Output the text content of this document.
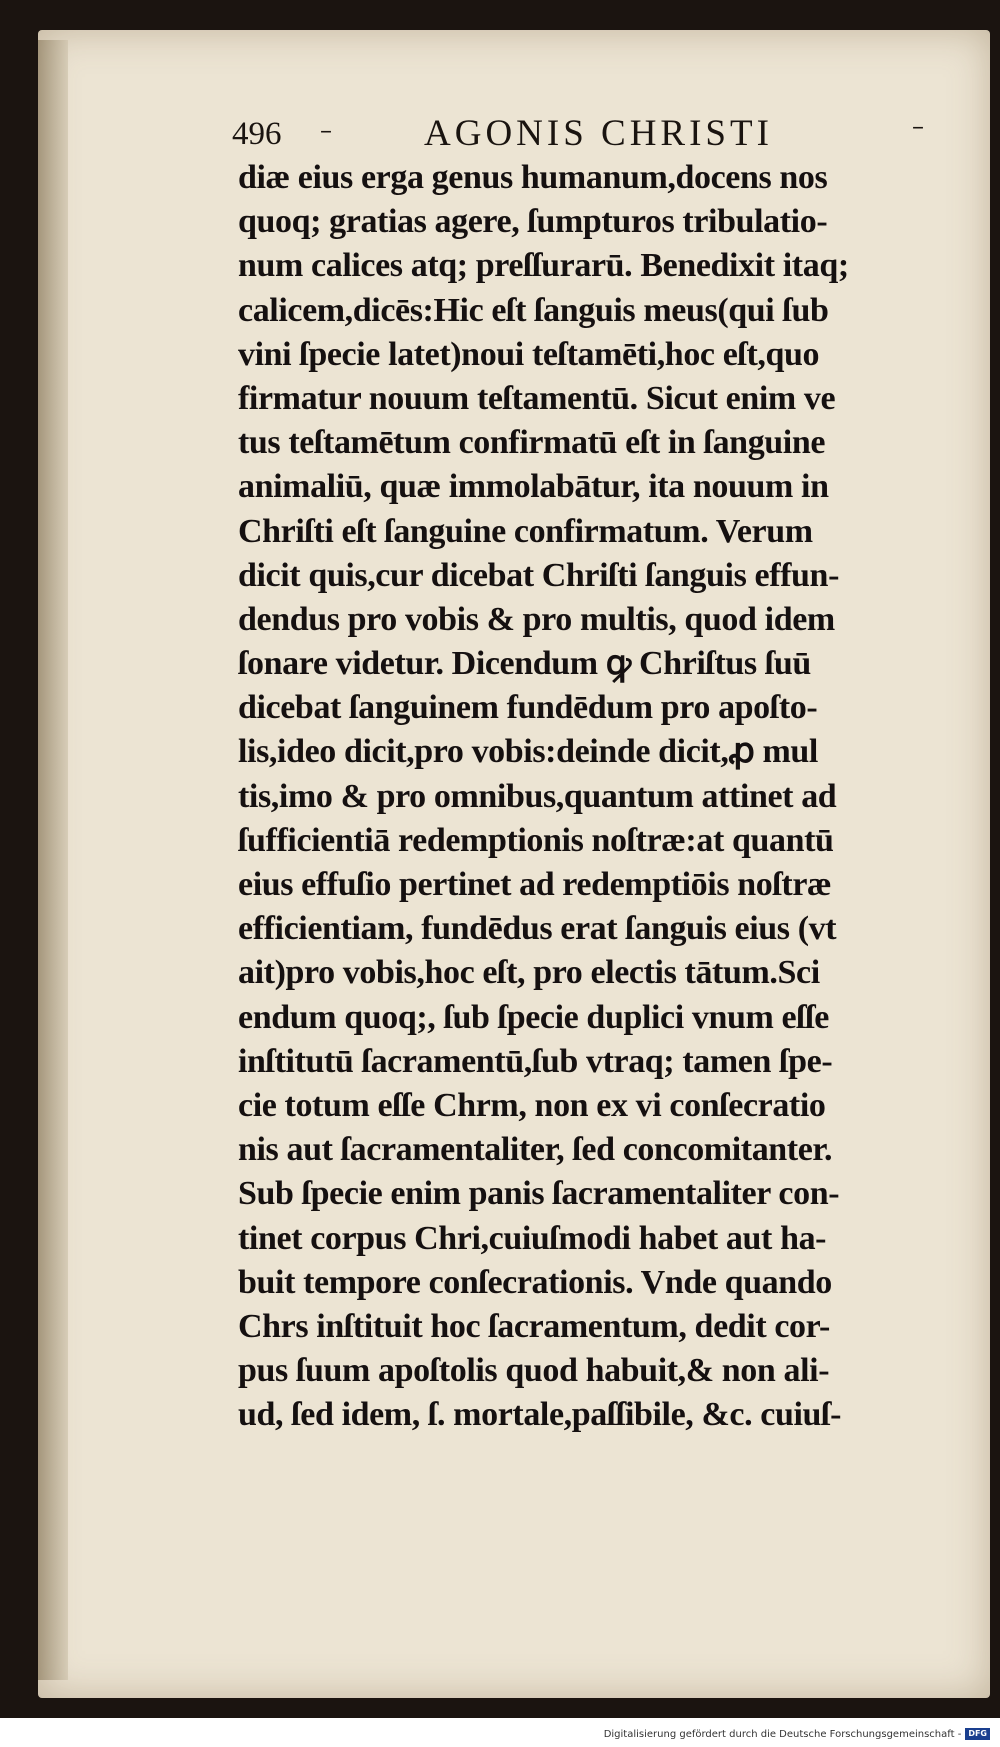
496 – AGONIS CHRISTI	–
diæ eius erga genus humanum,docens nos
quoq; gratias agere, ſumpturos tribulatio-
num calices atq; preſſurarū. Benedixit itaq;
calicem,dicēs:Hic eſt ſanguis meus(qui ſub
vini ſpecie latet)noui teſtamēti,hoc eſt,quo
firmatur nouum teſtamentū. Sicut enim ve
tus teſtamētum confirmatū eſt in ſanguine
animaliū, quæ immolabātur, ita nouum in
Chriſti eſt ſanguine confirmatum. Verum
dicit quis,cur dicebat Chriſti ſanguis effun-
dendus pro vobis & pro multis, quod idem
ſonare videtur. Dicendum ꝙ Chriſtus ſuū
dicebat ſanguinem fundēdum pro apoſto-
lis,ideo dicit,pro vobis:deinde dicit,ꝓ mul
tis,imo & pro omnibus,quantum attinet ad
ſufficientiā redemptionis noſtræ:at quantū
eius effuſio pertinet ad redemptiōis noſtræ
efficientiam, fundēdus erat ſanguis eius (vt
ait)pro vobis,hoc eſt, pro electis tātum.Sci
endum quoq;, ſub ſpecie duplici vnum eſſe
inſtitutū ſacramentū,ſub vtraq; tamen ſpe-
cie totum eſſe Chrm, non ex vi conſecratio
nis aut ſacramentaliter, ſed concomitanter.
Sub ſpecie enim panis ſacramentaliter con-
tinet corpus Chri,cuiuſmodi habet aut ha-
buit tempore conſecrationis. Vnde quando
Chrs inſtituit hoc ſacramentum, dedit cor-
pus ſuum apoſtolis quod habuit,& non ali-
ud, ſed idem, ſ. mortale,paſſibile, &c. cuiuſ-
Digitalisierung gefördert durch die Deutsche Forschungsgemeinschaft - DFG
